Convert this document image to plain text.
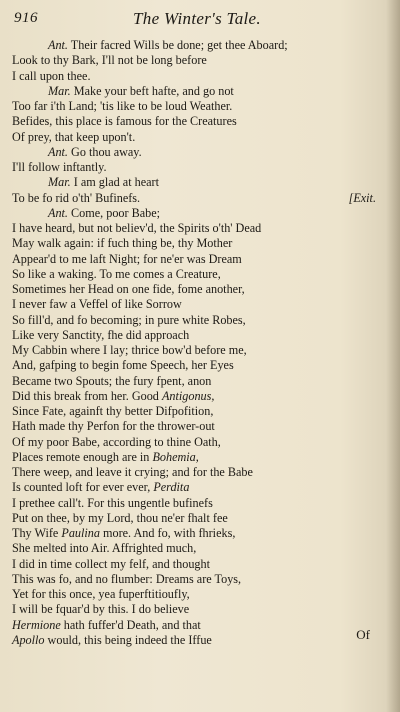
916	The Winter's Tale.
Ant. Their facred Wills be done; get thee Aboard;
Look to thy Bark, I'll not be long before
I call upon thee.
Mar. Make your beft hafte, and go not
Too far i'th Land; 'tis like to be loud Weather.
Befides, this place is famous for the Creatures
Of prey, that keep upon't.
Ant. Go thou away.
I'll follow inftantly.
Mar. I am glad at heart
To be fo rid o'th' Bufinefs.	[Exit.
Ant. Come, poor Babe;
I have heard, but not believ'd, the Spirits o'th' Dead
May walk again: if fuch thing be, thy Mother
Appear'd to me laft Night; for ne'er was Dream
So like a waking. To me comes a Creature,
Sometimes her Head on one fide, fome another,
I never faw a Veffel of like Sorrow
So fill'd, and fo becoming; in pure white Robes,
Like very Sanctity, fhe did approach
My Cabbin where I lay; thrice bow'd before me,
And, gafping to begin fome Speech, her Eyes
Became two Spouts; the fury fpent, anon
Did this break from her. Good Antigonus,
Since Fate, againft thy better Difpofition,
Hath made thy Perfon for the thrower-out
Of my poor Babe, according to thine Oath,
Places remote enough are in Bohemia,
There weep, and leave it crying; and for the Babe
Is counted loft for ever ever, Perdita
I prethee call't. For this ungentle bufinefs
Put on thee, by my Lord, thou ne'er fhalt fee
Thy Wife Paulina more. And fo, with fhrieks,
She melted into Air. Affrighted much,
I did in time collect my felf, and thought
This was fo, and no flumber: Dreams are Toys,
Yet for this once, yea fuperftitioufly,
I will be fquar'd by this. I do believe
Hermione hath fuffer'd Death, and that
Apollo would, this being indeed the Iffue	Of
